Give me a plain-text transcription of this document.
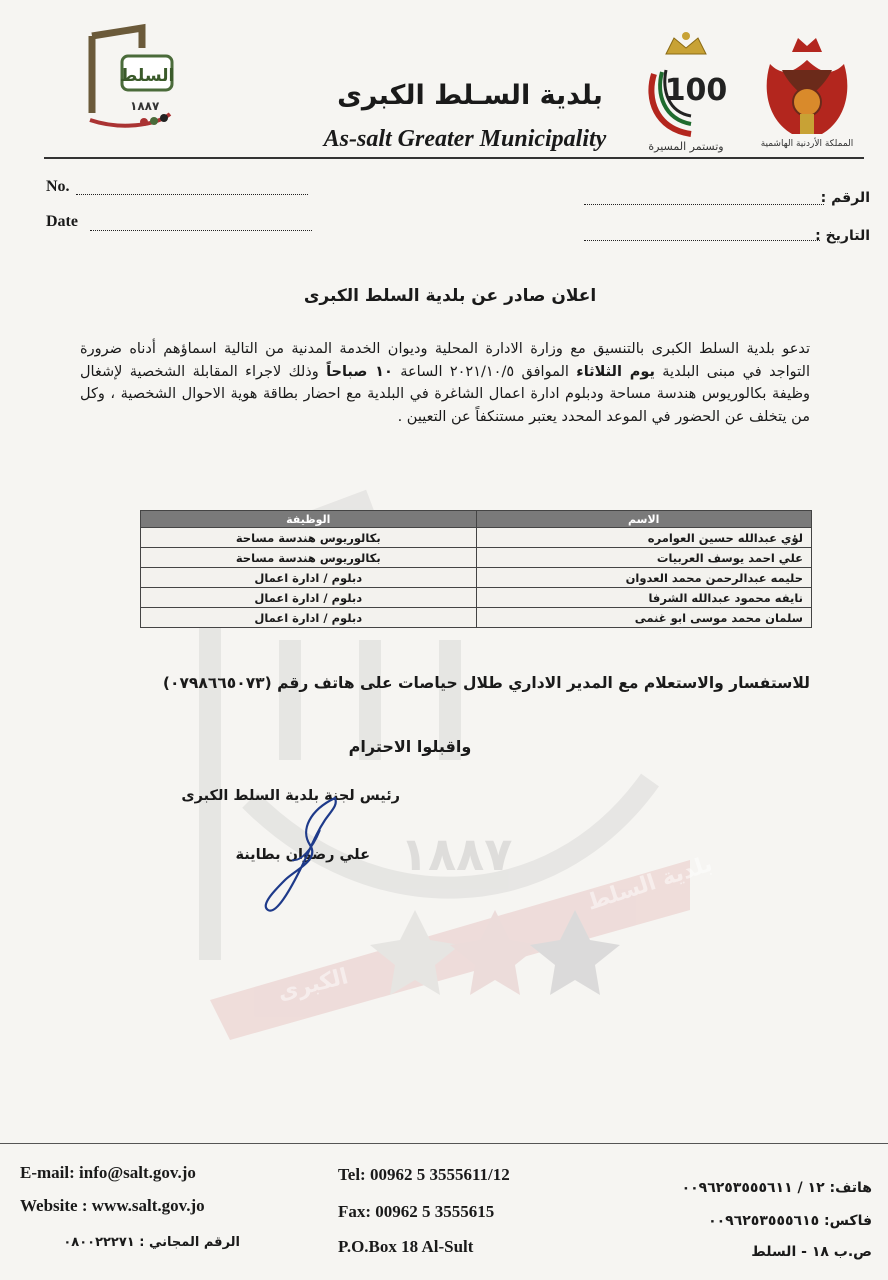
١٨٨٧	بلدية السلط
الكبرى
السلط
١٨٨٧	100
وتستمر المسيرة	المملكة الأردنية الهاشمية
بلدية السـلط الكبرى
As-salt Greater Municipality
No.
Date
الرقم :
التاريخ :
اعلان صادر عن بلدية السلط الكبرى
تدعو بلدية السلط الكبرى بالتنسيق مع وزارة الادارة المحلية وديوان الخدمة المدنية من التالية اسماؤهم أدناه ضرورة التواجد في مبنى البلدية يوم الثلاثاء الموافق ٢٠٢١/١٠/٥ الساعة ١٠ صباحاً وذلك لاجراء المقابلة الشخصية لإشغال وظيفة بكالوريوس هندسة مساحة ودبلوم ادارة اعمال الشاغرة في البلدية مع احضار بطاقة هوية الاحوال الشخصية ، وكل من يتخلف عن الحضور في الموعد المحدد يعتبر مستنكفاً عن التعيين .
الاسم	الوظيفة
لؤي عبدالله حسين العوامره	بكالوريوس هندسة مساحة
علي احمد يوسف العربيات	بكالوريوس هندسة مساحة
حليمه عبدالرحمن محمد العدوان	دبلوم / ادارة اعمال
نايفه محمود عبدالله الشرفا	دبلوم / ادارة اعمال
سلمان محمد موسى ابو غنمى	دبلوم / ادارة اعمال
للاستفسار والاستعلام مع المدير الاداري طلال حياصات على هاتف رقم (٠٧٩٨٦٦٥٠٧٣)
واقبلوا الاحترام
رئيس لجنة بلدية السلط الكبرى
علي رضوان بطاينة
E-mail: info@salt.gov.jo
Website : www.salt.gov.jo
الرقم المجاني : ٠٨٠٠٢٢٢٧١
Tel: 00962 5 3555611/12
Fax: 00962 5 3555615
P.O.Box 18 Al-Sult
هاتف: ١٢ / ٠٠٩٦٢٥٣٥٥٥٦١١
فاكس: ٠٠٩٦٢٥٣٥٥٥٦١٥
ص.ب ١٨ - السلط
